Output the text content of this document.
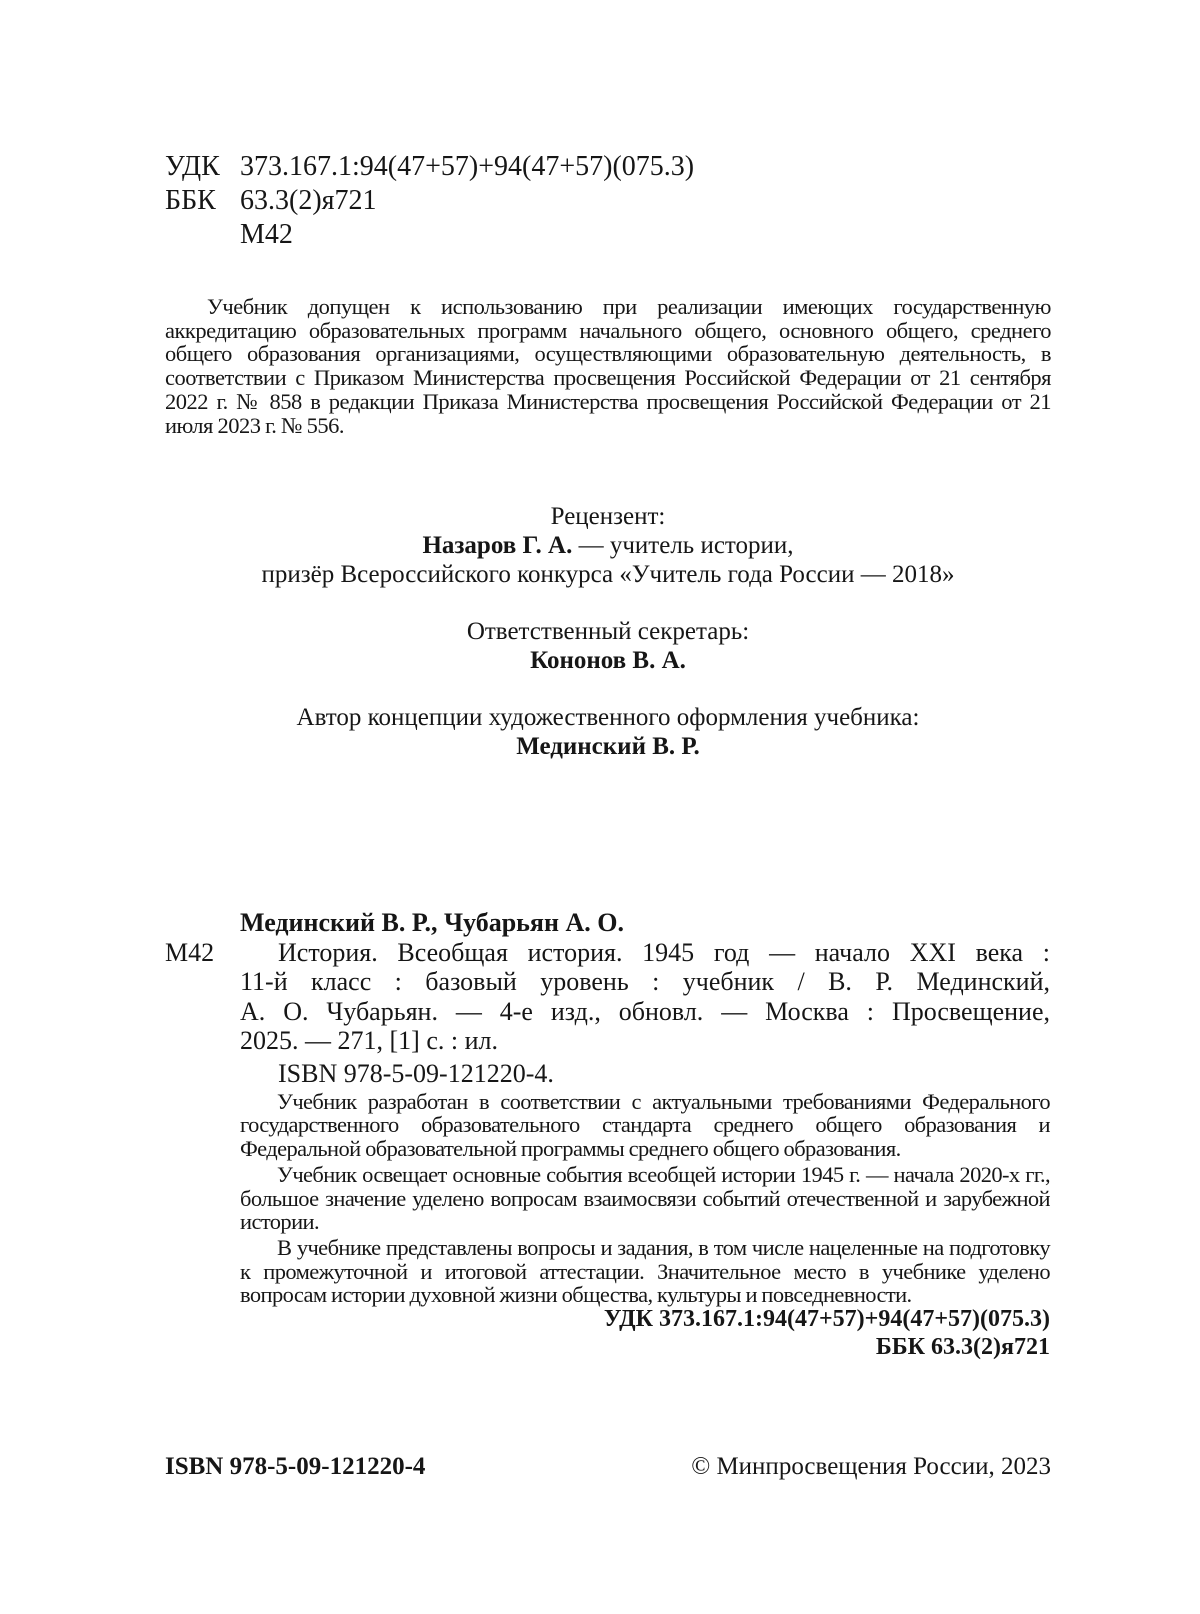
УДК 373.167.1:94(47+57)+94(47+57)(075.3)
ББК 63.3(2)я721
М42
Учебник допущен к использованию при реализации имеющих государственную аккредитацию образовательных программ начального общего, основного общего, среднего общего образования организациями, осуществляющими образовательную деятельность, в соответствии с Приказом Министерства просвещения Российской Федерации от 21 сентября 2022 г. № 858 в редакции Приказа Министерства просвещения Российской Федерации от 21 июля 2023 г. № 556.
Рецензент:
Назаров Г. А. — учитель истории,
призёр Всероссийского конкурса «Учитель года России — 2018»
Ответственный секретарь:
Кононов В. А.
Автор концепции художественного оформления учебника:
Мединский В. Р.
М42
Мединский В. Р., Чубарьян А. О.
История. Всеобщая история. 1945 год — начало XXI века :
11-й класс : базовый уровень : учебник / В. Р. Мединский,
А. О. Чубарьян. — 4-е изд., обновл. — Москва : Просвещение,
2025. — 271, [1] с. : ил.
ISBN 978-5-09-121220-4.

Учебник разработан в соответствии с актуальными требованиями Федерального государственного образовательного стандарта среднего общего образования и Федеральной образовательной программы среднего общего образования.

Учебник освещает основные события всеобщей истории 1945 г. — начала 2020-х гг., большое значение уделено вопросам взаимосвязи событий отечественной и зарубежной истории.

В учебнике представлены вопросы и задания, в том числе нацеленные на подготовку к промежуточной и итоговой аттестации. Значительное место в учебнике уделено вопросам истории духовной жизни общества, культуры и повседневности.

УДК 373.167.1:94(47+57)+94(47+57)(075.3)
ББК 63.3(2)я721
ISBN 978-5-09-121220-4	© Минпросвещения России, 2023
